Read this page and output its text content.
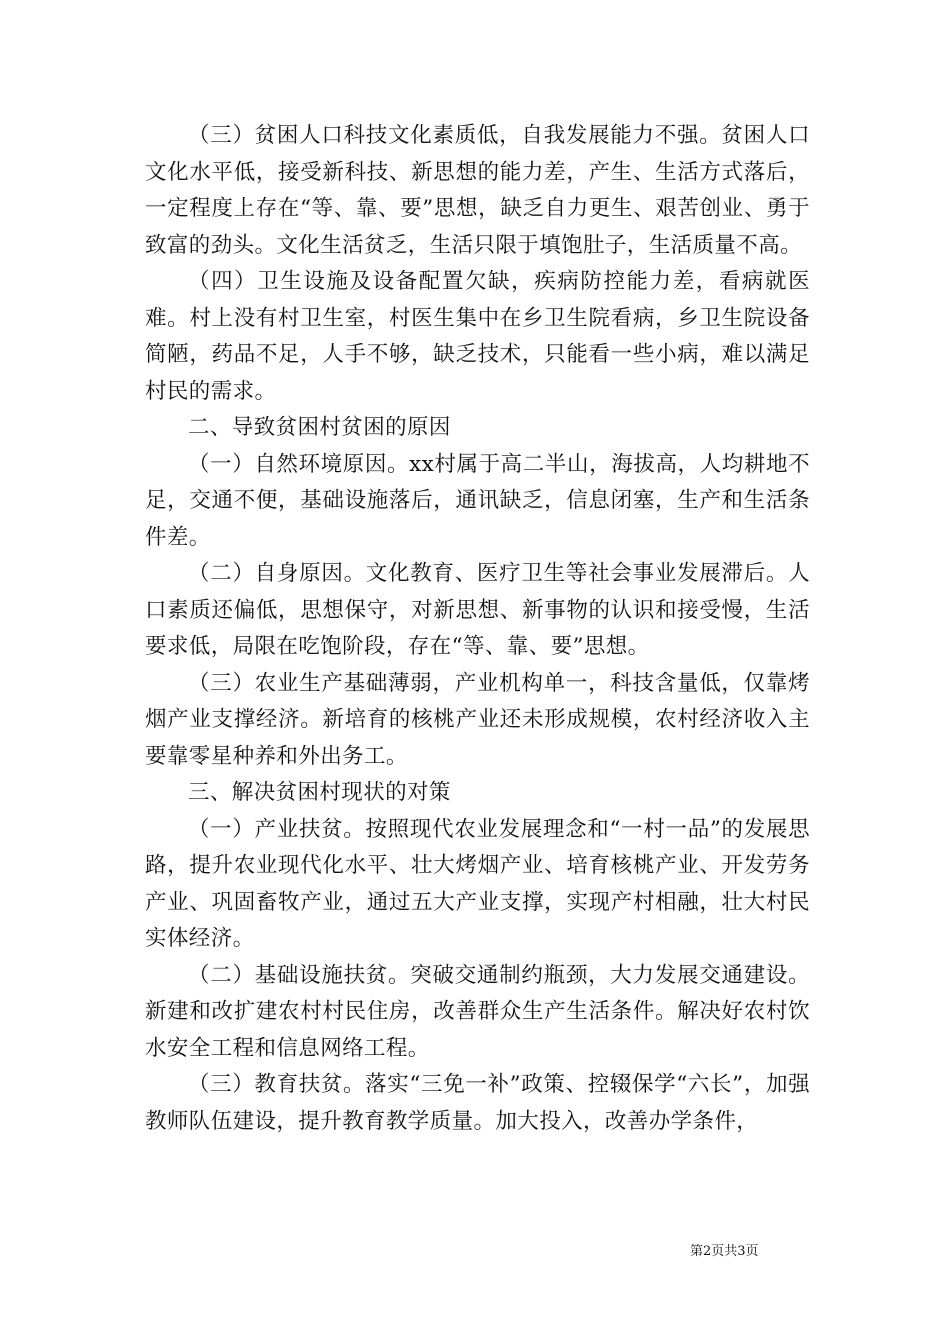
（三）贫困人口科技文化素质低，自我发展能力不强。贫困人口文化水平低，接受新科技、新思想的能力差，产生、生活方式落后，一定程度上存在“等、靠、要”思想，缺乏自力更生、艰苦创业、勇于致富的劲头。文化生活贫乏，生活只限于填饱肚子，生活质量不高。

（四）卫生设施及设备配置欠缺，疾病防控能力差，看病就医难。村上没有村卫生室，村医生集中在乡卫生院看病，乡卫生院设备简陋，药品不足，人手不够，缺乏技术，只能看一些小病，难以满足村民的需求。

二、导致贫困村贫困的原因

（一）自然环境原因。xx村属于高二半山，海拔高，人均耕地不足，交通不便，基础设施落后，通讯缺乏，信息闭塞，生产和生活条件差。

（二）自身原因。文化教育、医疗卫生等社会事业发展滞后。人口素质还偏低，思想保守，对新思想、新事物的认识和接受慢，生活要求低，局限在吃饱阶段，存在“等、靠、要”思想。

（三）农业生产基础薄弱，产业机构单一，科技含量低，仅靠烤烟产业支撑经济。新培育的核桃产业还未形成规模，农村经济收入主要靠零星种养和外出务工。

三、解决贫困村现状的对策

（一）产业扶贫。按照现代农业发展理念和“一村一品”的发展思路，提升农业现代化水平、壮大烤烟产业、培育核桃产业、开发劳务产业、巩固畜牧产业，通过五大产业支撑，实现产村相融，壮大村民实体经济。

（二）基础设施扶贫。突破交通制约瓶颈，大力发展交通建设。新建和改扩建农村村民住房，改善群众生产生活条件。解决好农村饮水安全工程和信息网络工程。

（三）教育扶贫。落实“三免一补”政策、控辍保学“六长”，加强教师队伍建设，提升教育教学质量。加大投入，改善办学条件，

第2页共3页
